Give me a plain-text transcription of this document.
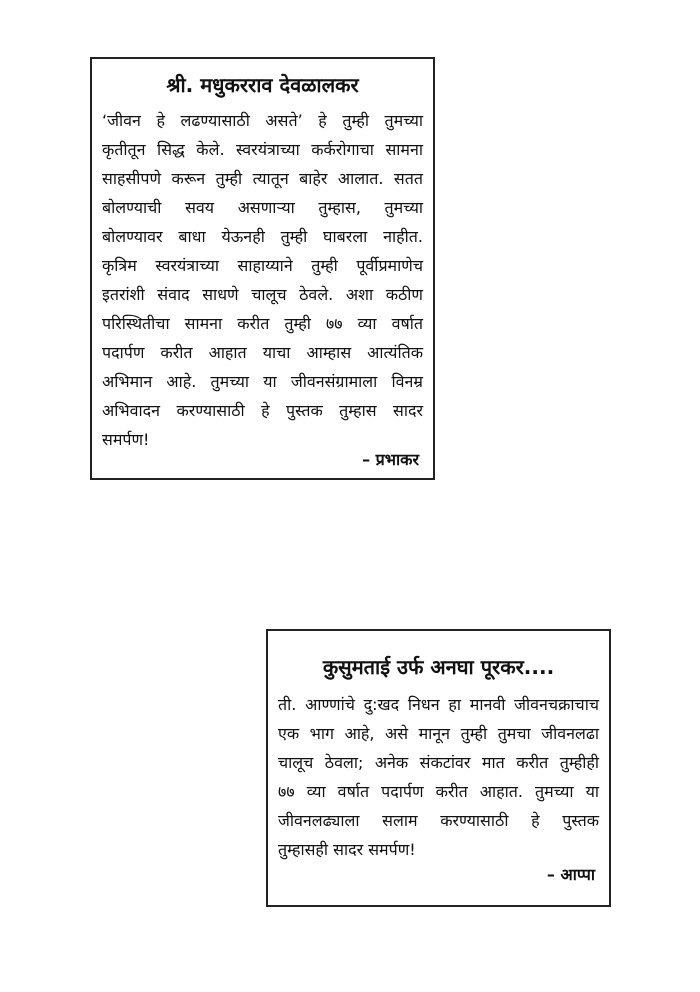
श्री. मधुकरराव देवळालकर
‘जीवन हे लढण्यासाठी असते’ हे तुम्ही तुमच्या
कृतीतून सिद्ध केले. स्वरयंत्राच्या कर्करोगाचा सामना
साहसीपणे करून तुम्ही त्यातून बाहेर आलात. सतत
बोलण्याची सवय असणाऱ्या तुम्हास, तुमच्या
बोलण्यावर बाधा येऊनही तुम्ही घाबरला नाहीत.
कृत्रिम स्वरयंत्राच्या साहाय्याने तुम्ही पूर्वीप्रमाणेच
इतरांशी संवाद साधणे चालूच ठेवले. अशा कठीण
परिस्थितीचा सामना करीत तुम्ही ७७ व्या वर्षात
पदार्पण करीत आहात याचा आम्हास आत्यंतिक
अभिमान आहे. तुमच्या या जीवनसंग्रामाला विनम्र
अभिवादन करण्यासाठी हे पुस्तक तुम्हास सादर
समर्पण!
– प्रभाकर
कुसुमताई उर्फ अनघा पूरकर....
ती. आण्णांचे दु:खद निधन हा मानवी जीवनचक्राचाच
एक भाग आहे, असे मानून तुम्ही तुमचा जीवनलढा
चालूच ठेवला; अनेक संकटांवर मात करीत तुम्हीही
७७ व्या वर्षात पदार्पण करीत आहात. तुमच्या या
जीवनलढ्याला सलाम करण्यासाठी हे पुस्तक
तुम्हासही सादर समर्पण!
– आप्पा
